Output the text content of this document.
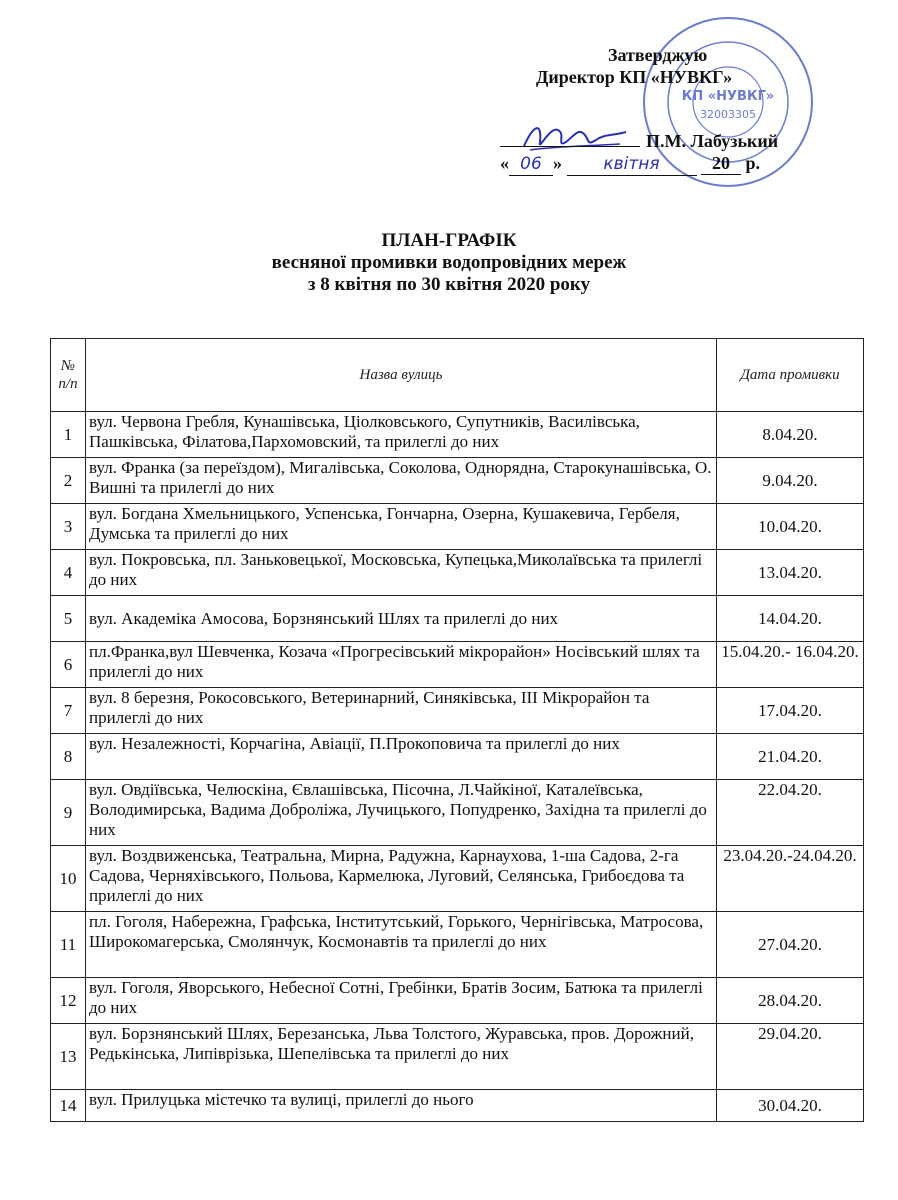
КП «НУВКГ»
32003305
Затверджую
Директор КП «НУВКГ»
П.М. Лабузький
« 06 » квітня	20 р.
ПЛАН-ГРАФІК
весняної промивки водопровідних мереж
з 8 квітня по 30 квітня 2020 року
№ п/п	Назва вулиць	Дата промивки
1	вул. Червона Гребля, Кунашівська, Ціолковського, Супутників, Василівська, Пашківська, Філатова,Пархомовский, та прилеглі до них	8.04.20.
2	вул. Франка (за переїздом), Мигалівська, Соколова, Однорядна, Старокунашівська, О. Вишні та прилеглі до них	9.04.20.
3	вул. Богдана Хмельницького, Успенська, Гончарна, Озерна, Кушакевича, Гербеля, Думська та прилеглі до них	10.04.20.
4	вул. Покровська, пл. Заньковецької, Московська, Купецька,Миколаївська та прилеглі до них	13.04.20.
5	вул. Академіка Амосова, Борзнянський Шлях та прилеглі до них	14.04.20.
6	пл.Франка,вул Шевченка, Козача «Прогресівський мікрорайон» Носівський шлях та прилеглі до них	15.04.20.- 16.04.20.
7	вул. 8 березня, Рокосовського, Ветеринарний, Синяківська, ІІІ Мікрорайон та прилеглі до них	17.04.20.
8	вул. Незалежності, Корчагіна, Авіації, П.Прокоповича та прилеглі до них	21.04.20.
9	вул. Овдіївська, Челюскіна, Євлашівська, Пісочна, Л.Чайкіної, Каталеївська, Володимирська, Вадима Доброліжа, Лучицького, Попудренко, Західна та прилеглі до них	22.04.20.
10	вул. Воздвиженська, Театральна, Мирна, Радужна, Карнаухова, 1-ша Садова, 2-га Садова, Черняхівського, Польова, Кармелюка, Луговий, Селянська, Грибоєдова та прилеглі до них	23.04.20.-24.04.20.
11	пл. Гоголя, Набережна, Графська, Інститутський, Горького, Чернігівська, Матросова, Широкомагерська, Смолянчук, Космонавтів та прилеглі до них	27.04.20.
12	вул. Гоголя, Яворського, Небесної Сотні, Гребінки, Братів Зосим, Батюка та прилеглі до них	28.04.20.
13	вул. Борзнянський Шлях, Березанська, Льва Толстого, Журавська, пров. Дорожний, Редькінська, Липіврізька, Шепелівська та прилеглі до них	29.04.20.
14	вул. Прилуцька містечко та вулиці, прилеглі до нього	30.04.20.
